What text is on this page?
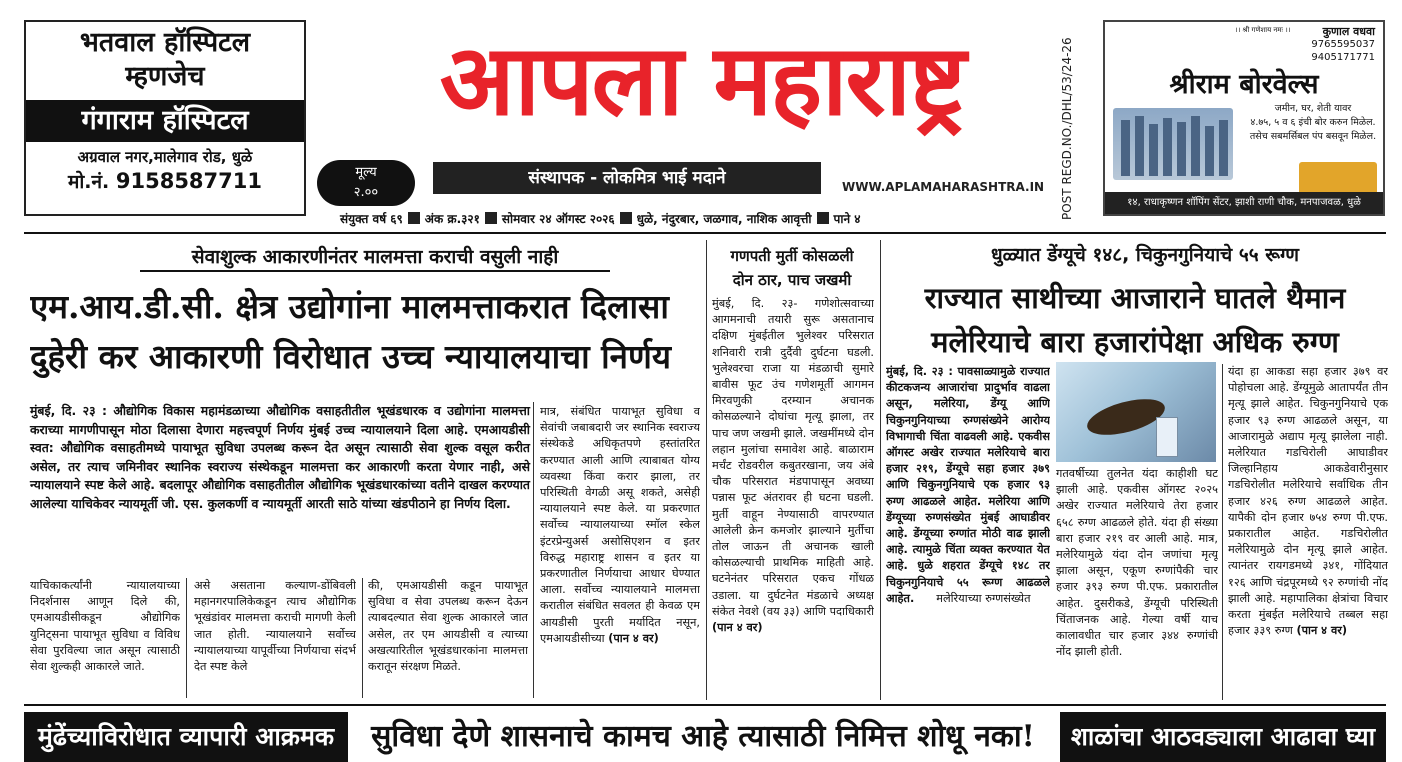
भतवाल हॉस्पिटल
म्हणजेच
गंगाराम हॉस्पिटल
अग्रवाल नगर,मालेगाव रोड, धुळे
मो.नं. 9158587711
आपला महाराष्ट्र
मूल्य
२.००
संस्थापक - लोकमित्र भाई मदाने	WWW.APLAMAHARASHTRA.IN
संयुक्त वर्ष ६९ अंक क्र.३२१ सोमवार २४ ऑगस्ट २०२६ धुळे, नंदुरबार, जळगाव, नाशिक आवृत्ती पाने ४	POST REGD.NO./DHL/53/24-26
।। श्री गणेशाय नमः ।।	कुणाल वधवा
9765595037
9405171771
श्रीराम बोरवेल्स
जमीन, घर, शेती यावर
४.७५, ५ व ६ इंची बोर करुन मिळेल.
तसेच सबमर्सिबल पंप बसवून मिळेल.
१४, राधाकृष्णन शॉपिंग सेंटर, झाशी राणी चौक, मनपाजवळ, धुळे
सेवाशुल्क आकारणीनंतर मालमत्ता कराची वसुली नाही
एम.आय.डी.सी. क्षेत्र उद्योगांना मालमत्ताकरात दिलासा
दुहेरी कर आकारणी विरोधात उच्च न्यायालयाचा निर्णय
मुंबई, दि. २३ : औद्योगिक विकास महामंडळाच्या औद्योगिक वसाहतीतील भूखंडधारक व उद्योगांना मालमत्ता कराच्या मागणीपासून मोठा दिलासा देणारा महत्त्वपूर्ण निर्णय मुंबई उच्च न्यायालयाने दिला आहे. एमआयडीसी स्वत: औद्योगिक वसाहतीमध्ये पायाभूत सुविधा उपलब्ध करून देत असून त्यासाठी सेवा शुल्क वसूल करीत असेल, तर त्याच जमिनीवर स्थानिक स्वराज्य संस्थेकडून मालमत्ता कर आकारणी करता येणार नाही, असे न्यायालयाने स्पष्ट केले आहे. बदलापूर औद्योगिक वसाहतीतील औद्योगिक भूखंडधारकांच्या वतीने दाखल करण्यात आलेल्या याचिकेवर न्यायमूर्ती जी. एस. कुलकर्णी व न्यायमूर्ती आरती साठे यांच्या खंडपीठाने हा निर्णय दिला.
याचिकाकर्त्यांनी न्यायालयाच्या निदर्शनास आणून दिले की, एमआयडीसीकडून औद्योगिक युनिट्सना पायाभूत सुविधा व विविध सेवा पुरविल्या जात असून त्यासाठी सेवा शुल्कही आकारले जाते.
असे असताना कल्याण-डोंबिवली महानगरपालिकेकडून त्याच औद्योगिक भूखंडांवर मालमत्ता कराची मागणी केली जात होती. न्यायालयाने सर्वोच्च न्यायालयाच्या यापूर्वीच्या निर्णयाचा संदर्भ देत स्पष्ट केले
की, एमआयडीसी कडून पायाभूत सुविधा व सेवा उपलब्ध करून देऊन त्याबदल्यात सेवा शुल्क आकारले जात असेल, तर एम आयडीसी व त्याच्या अखत्यारितील भूखंडधारकांना मालमत्ता करातून संरक्षण मिळते.
मात्र, संबंधित पायाभूत सुविधा व सेवांची जबाबदारी जर स्थानिक स्वराज्य संस्थेकडे अधिकृतपणे हस्तांतरित करण्यात आली आणि त्याबाबत योग्य व्यवस्था किंवा करार झाला, तर परिस्थिती वेगळी असू शकते, असेही न्यायालयाने स्पष्ट केले. या प्रकरणात सर्वोच्च न्यायालयाच्या स्मॉल स्केल इंटरप्रेन्युअर्स असोसिएशन व इतर विरुद्ध महाराष्ट्र शासन व इतर या प्रकरणातील निर्णयाचा आधार घेण्यात आला. सर्वोच्च न्यायालयाने मालमत्ता करातील संबंधित सवलत ही केवळ एम आयडीसी पुरती मर्यादित नसून, एमआयडीसीच्या (पान ४ वर)
गणपती मुर्ती कोसळली
दोन ठार, पाच जखमी
मुंबई, दि. २३- गणेशोत्सवाच्या आगमनाची तयारी सुरू असतानाच दक्षिण मुंबईतील भुलेश्वर परिसरात शनिवारी रात्री दुर्दैवी दुर्घटना घडली. भुलेश्वरचा राजा या मंडळाची सुमारे बावीस फूट उंच गणेशमूर्ती आगमन मिरवणुकी दरम्यान अचानक कोसळल्याने दोघांचा मृत्यू झाला, तर पाच जण जखमी झाले. जखमींमध्ये दोन लहान मुलांचा समावेश आहे. बाळाराम मर्चंट रोडवरील कबुतरखाना, जय अंबे चौक परिसरात मंडपापासून अवघ्या पन्नास फूट अंतरावर ही घटना घडली. मुर्ती वाहून नेण्यासाठी वापरण्यात आलेली क्रेन कमजोर झाल्याने मुर्तीचा तोल जाऊन ती अचानक खाली कोसळल्याची प्राथमिक माहिती आहे. घटनेनंतर परिसरात एकच गोंधळ उडाला. या दुर्घटनेत मंडळाचे अध्यक्ष संकेत नेवशे (वय ३३) आणि पदाधिकारी (पान ४ वर)
धुळ्यात डेंग्यूचे १४८, चिकुनगुनियाचे ५५ रूग्ण
राज्यात साथीच्या आजाराने घातले थैमान
मलेरियाचे बारा हजारांपेक्षा अधिक रुग्ण
मुंबई, दि. २३ : पावसाळ्यामुळे राज्यात कीटकजन्य आजारांचा प्रादुर्भाव वाढला असून, मलेरिया, डेंग्यू आणि चिकुनगुनियाच्या रुग्णसंख्येने आरोग्य विभागाची चिंता वाढवली आहे. एकवीस ऑगस्ट अखेर राज्यात मलेरियाचे बारा हजार २१९, डेंग्यूचे सहा हजार ३७९ आणि चिकुनगुनियाचे एक हजार ९३ रुग्ण आढळले आहेत. मलेरिया आणि डेंग्यूच्या रुग्णसंख्येत मुंबई आघाडीवर आहे. डेंग्यूच्या रुग्णांत मोठी वाढ झाली आहे. त्यामुळे चिंता व्यक्त करण्यात येत आहे. धुळे शहरात डेंग्यूचे १४८ तर चिकुनगुनियाचे ५५ रूग्ण आढळले आहेत. मलेरियाच्या रुग्णसंख्येत
गतवर्षीच्या तुलनेत यंदा काहीशी घट झाली आहे. एकवीस ऑगस्ट २०२५ अखेर राज्यात मलेरियाचे तेरा हजार ६५८ रुग्ण आढळले होते. यंदा ही संख्या बारा हजार २१९ वर आली आहे. मात्र, मलेरियामुळे यंदा दोन जणांचा मृत्यू झाला असून, एकूण रुग्णांपैकी चार हजार ३९३ रुग्ण पी.एफ. प्रकारातील आहेत. दुसरीकडे, डेंग्यूची परिस्थिती चिंताजनक आहे. गेल्या वर्षी याच कालावधीत चार हजार ३४४ रुग्णांची नोंद झाली होती.
यंदा हा आकडा सहा हजार ३७९ वर पोहोचला आहे. डेंग्यूमुळे आतापर्यंत तीन मृत्यू झाले आहेत. चिकुनगुनियाचे एक हजार ९३ रुग्ण आढळले असून, या आजारामुळे अद्याप मृत्यू झालेला नाही. मलेरियात गडचिरोली आघाडीवर जिल्हानिहाय आकडेवारीनुसार गडचिरोलीत मलेरियाचे सर्वाधिक तीन हजार ४२६ रुग्ण आढळले आहेत. यापैकी दोन हजार ७५४ रुग्ण पी.एफ. प्रकारातील आहेत. गडचिरोलीत मलेरियामुळे दोन मृत्यू झाले आहेत. त्यानंतर रायगडमध्ये ३४१, गोंदियात १२६ आणि चंद्रपूरमध्ये ९२ रुग्णांची नोंद झाली आहे. महापालिका क्षेत्रांचा विचार करता मुंबईत मलेरियाचे तब्बल सहा हजार ३३९ रुग्ण (पान ४ वर)
मुंढेंच्याविरोधात व्यापारी आक्रमक	सुविधा देणे शासनाचे कामच आहे त्यासाठी निमित्त शोधू नका!	शाळांचा आठवड्याला आढावा घ्या
